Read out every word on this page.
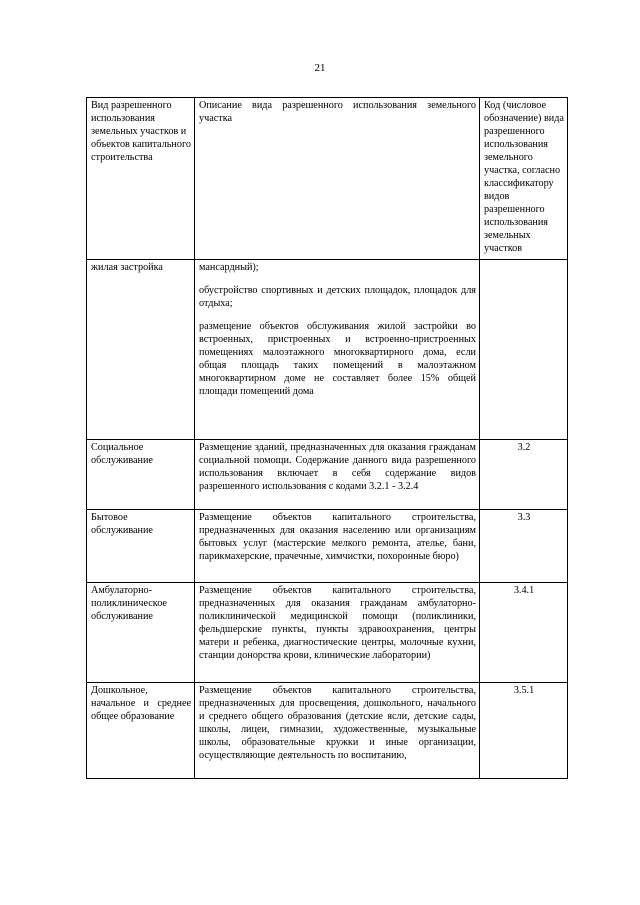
21
Вид разрешенного использования земельных участков и объектов капитального строительства	Описание вида разрешенного использования земельного участка	Код (числовое обозначение) вида разрешенного использования земельного участка, согласно классификатору видов разрешенного использования земельных участков
жилая застройка	мансардный);

обустройство спортивных и детских площадок, площадок для отдыха;

размещение объектов обслуживания жилой застройки во встроенных, пристроенных и встроенно-пристроенных помещениях малоэтажного многоквартирного дома, если общая площадь таких помещений в малоэтажном многоквартирном доме не составляет более 15% общей площади помещений дома	

Социальное обслуживание	Размещение зданий, предназначенных для оказания гражданам социальной помощи. Содержание данного вида разрешенного использования включает в себя содержание видов разрешенного использования с кодами 3.2.1 - 3.2.4	3.2
Бытовое обслуживание	Размещение объектов капитального строительства, предназначенных для оказания населению или организациям бытовых услуг (мастерские мелкого ремонта, ателье, бани, парикмахерские, прачечные, химчистки, похоронные бюро)	3.3
Амбулаторно-поликлиническое обслуживание	Размещение объектов капитального строительства, предназначенных для оказания гражданам амбулаторно-поликлинической медицинской помощи (поликлиники, фельдшерские пункты, пункты здравоохранения, центры матери и ребенка, диагностические центры, молочные кухни, станции донорства крови, клинические лаборатории)	3.4.1
Дошкольное, начальное и среднее общее образование	Размещение объектов капитального строительства, предназначенных для просвещения, дошкольного, начального и среднего общего образования (детские ясли, детские сады, школы, лицеи, гимназии, художественные, музыкальные школы, образовательные кружки и иные организации, осуществляющие деятельность по воспитанию,	3.5.1
